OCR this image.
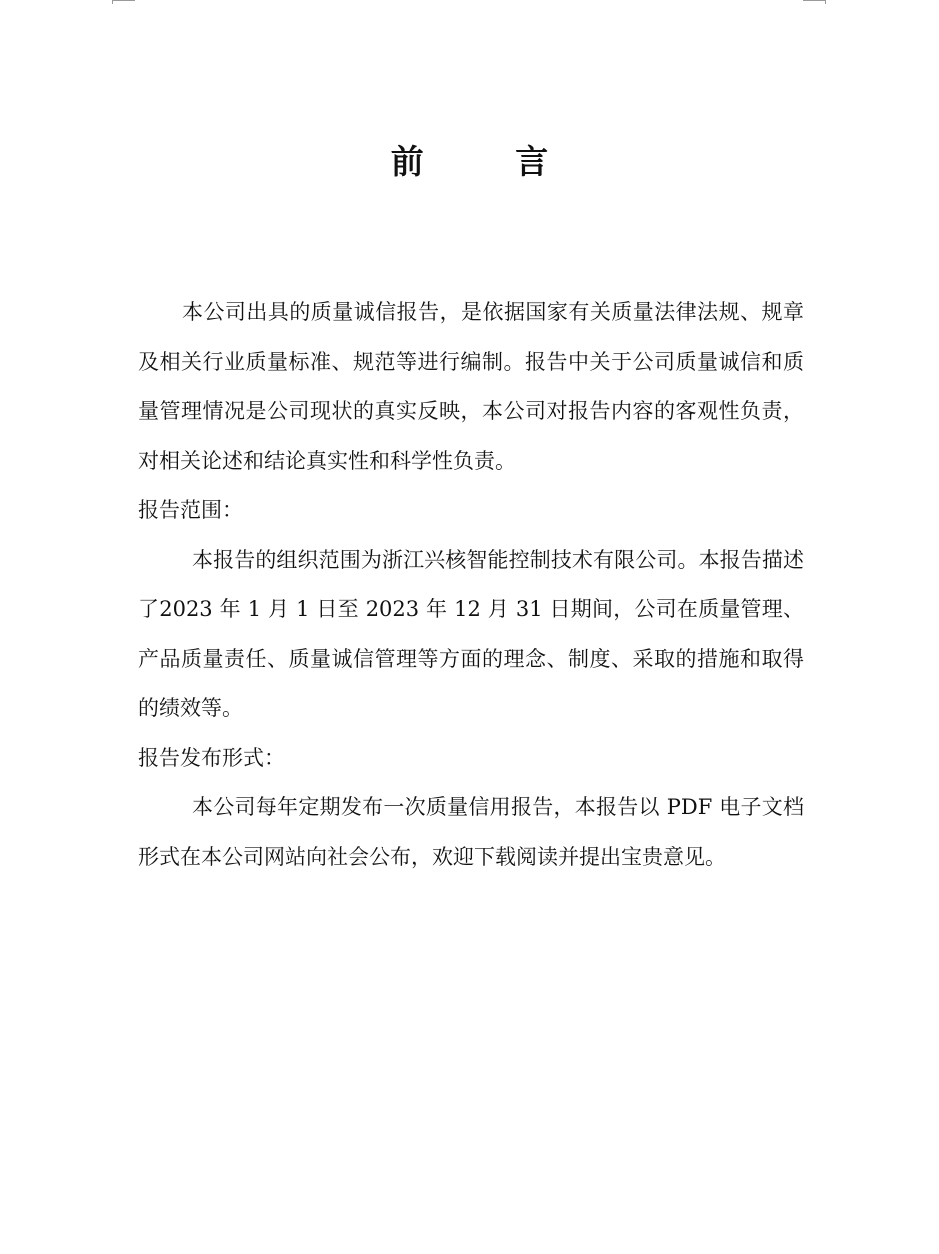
前 言

本公司出具的质量诚信报告，是依据国家有关质量法律法规、规章及相关行业质量标准、规范等进行编制。报告中关于公司质量诚信和质量管理情况是公司现状的真实反映，本公司对报告内容的客观性负责，对相关论述和结论真实性和科学性负责。

报告范围：

本报告的组织范围为浙江兴核智能控制技术有限公司。本报告描述了2023 年 1 月 1 日至 2023 年 12 月 31 日期间，公司在质量管理、产品质量责任、质量诚信管理等方面的理念、制度、采取的措施和取得的绩效等。

报告发布形式：

本公司每年定期发布一次质量信用报告，本报告以 PDF 电子文档形式在本公司网站向社会公布，欢迎下载阅读并提出宝贵意见。
